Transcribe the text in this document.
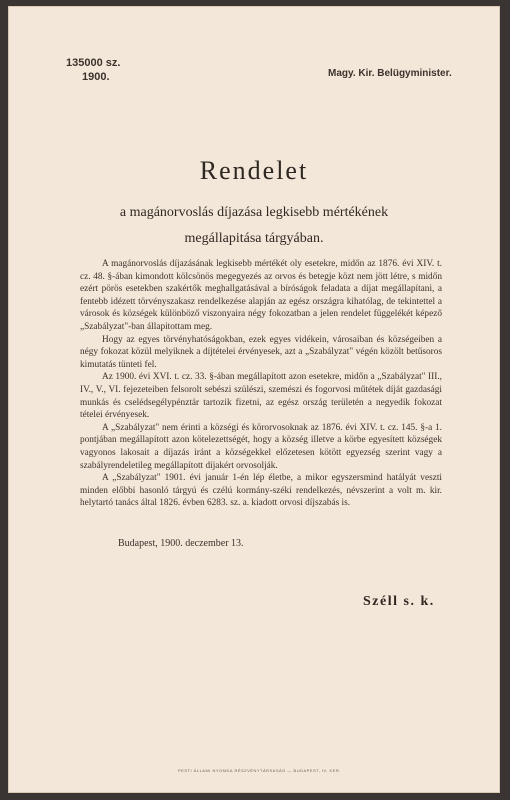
135000 sz.
1900.	Magy. Kir. Belügyminister.
Rendelet
a magánorvoslás díjazása legkisebb mértékének
megállapitása tárgyában.

A magánorvoslás díjazásának legkisebb mértékét oly esetekre, midőn az 1876. évi XIV. t. cz. 48. §-ában kimondott kölcsönös megegyezés az orvos és betegje közt nem jött létre, s midőn ezért pörös esetekben szakértők meghallgatásával a bíróságok feladata a díjat megállapítani, a fentebb idézett törvényszakasz rendelkezése alapján az egész országra kihatólag, de tekintettel a városok és községek különböző viszonyaira négy fokozatban a jelen rendelet függelékét képező „Szabályzat"-ban állapitottam meg.

Hogy az egyes törvényhatóságokban, ezek egyes vidékein, városaiban és községeiben a négy fokozat közül melyiknek a díjtételei érvényesek, azt a „Szabályzat" végén közölt betűsoros kimutatás tünteti fel.

Az 1900. évi XVI. t. cz. 33. §-ában megállapított azon esetekre, midőn a „Szabályzat" III., IV., V., VI. fejezeteiben felsorolt sebészi szülészi, szemészi és fogorvosi műtétek díját gazdasági munkás és cselédsegélypénztár tartozik fizetni, az egész ország területén a negyedik fokozat tételei érvényesek.

A „Szabályzat" nem érinti a községi és körorvosoknak az 1876. évi XIV. t. cz. 145. §-a 1. pontjában megállapított azon kötelezettségét, hogy a község illetve a körbe egyesített községek vagyonos lakosait a díjazás iránt a községekkel előzetesen kötött egyezség szerint vagy a szabályrendeletileg megállapított díjakért orvosolják.

A „Szabályzat" 1901. évi január 1-én lép életbe, a mikor egyszersmind hatályát veszti minden előbbi hasonló tárgyú és czélú kormány-széki rendelkezés, névszerint a volt m. kir. helytartó tanács által 1826. évben 6283. sz. a. kiadott orvosi díjszabás is.

Budapest, 1900. deczember 13.
Széll s. k.
PESTI ÁLLAMI NYOMDA RÉSZVÉNYTÁRSASÁG — BUDAPEST, IV. KER.
